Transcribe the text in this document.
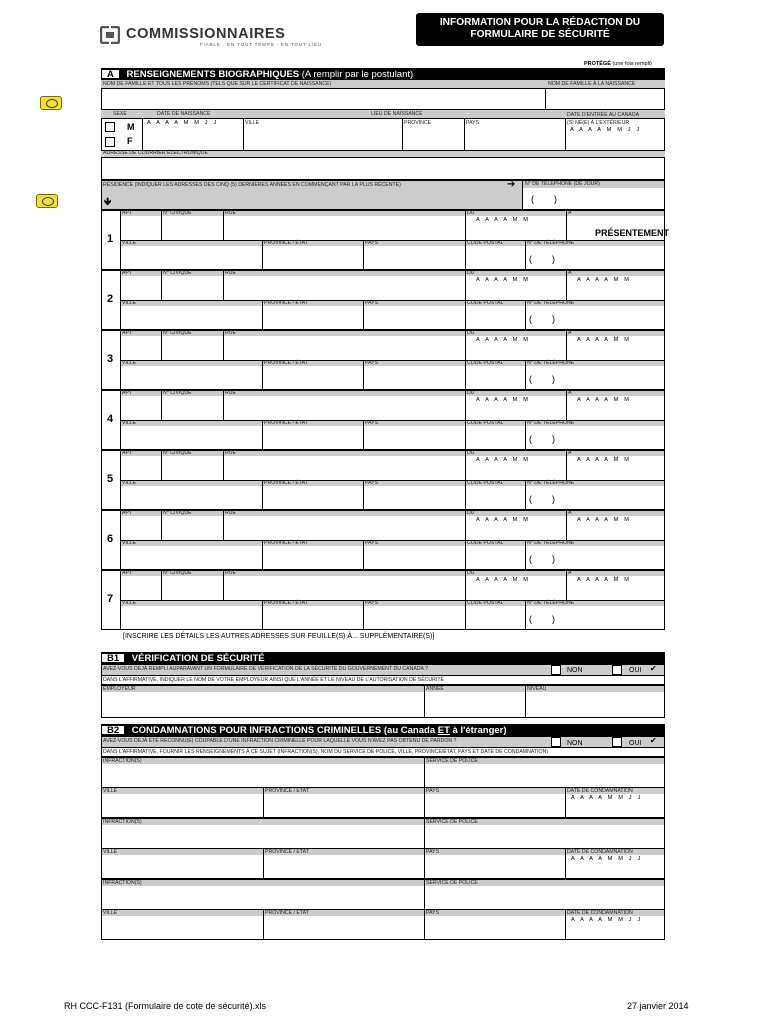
COMMISSIONNAIRES
FIABLE · EN TOUT TEMPS · EN TOUT LIEU
INFORMATION POUR LA RÉDACTION DU
FORMULAIRE DE SÉCURITÉ
PROTÉGÉ (une fois rempli)
A RENSEIGNEMENTS BIOGRAPHIQUES (A remplir par le postulant)
NOM DE FAMILLE ET TOUS LES PRÉNOMS (TELS QUE SUR LE CERTIFICAT DE NAISSANCE)	NOM DE FAMILLE À LA NAISSANCE
SEXE	DATE DE NAISSANCE	LIEU DE NAISSANCE	DATE D'ENTRÉE AU CANADA
M
F
A A A A M M J J	VILLE	PROVINCE	PAYS	(SI NÉ(E) À L'EXTÉRIEUR
A A A A M M J J
ADRESSE DE COURRIER ÉLECTRONIQUE
RÉSIDENCE (INDIQUER LES ADRESSES DES CINQ (5) DERNIÈRES ANNÉES EN COMMENÇANT PAR LA PLUS RÉCENTE)	➔
🡻
N° DE TÉLÉPHONE (DE JOUR)
(        )
1
APT	N° CIVIQUE	RUE	DU	À
A A A A M M
PRÉSENTEMENT
VILLE	PROVINCE / ÉTAT	PAYS	CODE POSTAL	N° DE TÉLÉPHONE
(        )
2
APT	N° CIVIQUE	RUE	DU	À
A A A A M M	A A A A M M
VILLE	PROVINCE / ÉTAT	PAYS	CODE POSTAL	N° DE TÉLÉPHONE
(        )
3
APT	N° CIVIQUE	RUE	DU	À
A A A A M M	A A A A M M
VILLE	PROVINCE / ÉTAT	PAYS	CODE POSTAL	N° DE TÉLÉPHONE
(        )
4
APT	N° CIVIQUE	RUE	DU	À
A A A A M M	A A A A M M
VILLE	PROVINCE / ÉTAT	PAYS	CODE POSTAL	N° DE TÉLÉPHONE
(        )
5
APT	N° CIVIQUE	RUE	DU	À
A A A A M M	A A A A M M
VILLE	PROVINCE / ÉTAT	PAYS	CODE POSTAL	N° DE TÉLÉPHONE
(        )
6
APT	N° CIVIQUE	RUE	DU	À
A A A A M M	A A A A M M
VILLE	PROVINCE / ÉTAT	PAYS	CODE POSTAL	N° DE TÉLÉPHONE
(        )
7
APT	N° CIVIQUE	RUE	DU	À
A A A A M M	A A A A M M
VILLE	PROVINCE / ÉTAT	PAYS	CODE POSTAL	N° DE TÉLÉPHONE
(        )
[INSCRIRE LES DÉTAILS LES AUTRES ADRESSES SUR FEUILLE(S) À... SUPPLÉMENTAIRE(S)]
B1 VÉRIFICATION DE SÉCURITÉ
AVEZ-VOUS DÉJÀ REMPLI AUPARAVANT UN FORMULAIRE DE VÉRIFICATION DE LA SÉCURITÉ DU GOUVERNEMENT DU CANADA ?	NON	OUI ✔
DANS L'AFFIRMATIVE, INDIQUER LE NOM DE VOTRE EMPLOYEUR AINSI QUE L'ANNÉE ET LE NIVEAU DE L'AUTORISATION DE SÉCURITÉ
EMPLOYEUR	ANNÉE	NIVEAU
B2 CONDAMNATIONS POUR INFRACTIONS CRIMINELLES (au Canada ET à l'étranger)
AVEZ-VOUS DÉJÀ ÉTÉ RECONNU(E) COUPABLE D'UNE INFRACTION CRIMINELLE POUR LAQUELLE VOUS N'AVEZ PAS OBTENU DE PARDON ?	NON	OUI ✔
DANS L'AFFIRMATIVE, FOURNIR LES RENSEIGNEMENTS À CE SUJET (INFRACTION(S), NOM DU SERVICE DE POLICE, VILLE, PROVINCE/ÉTAT, PAYS ET DATE DE CONDAMNATION)
INFRACTION(S)	SERVICE DE POLICE
VILLE	PROVINCE / ÉTAT	PAYS	DATE DE CONDAMNATION
A A A A M M J J
INFRACTION(S)	SERVICE DE POLICE
VILLE	PROVINCE / ÉTAT	PAYS	DATE DE CONDAMNATION
A A A A M M J J
INFRACTION(S)	SERVICE DE POLICE
VILLE	PROVINCE / ÉTAT	PAYS	DATE DE CONDAMNATION
A A A A M M J J
RH CCC-F131 (Formulaire de cote de sécurité).xls	27 janvier 2014
